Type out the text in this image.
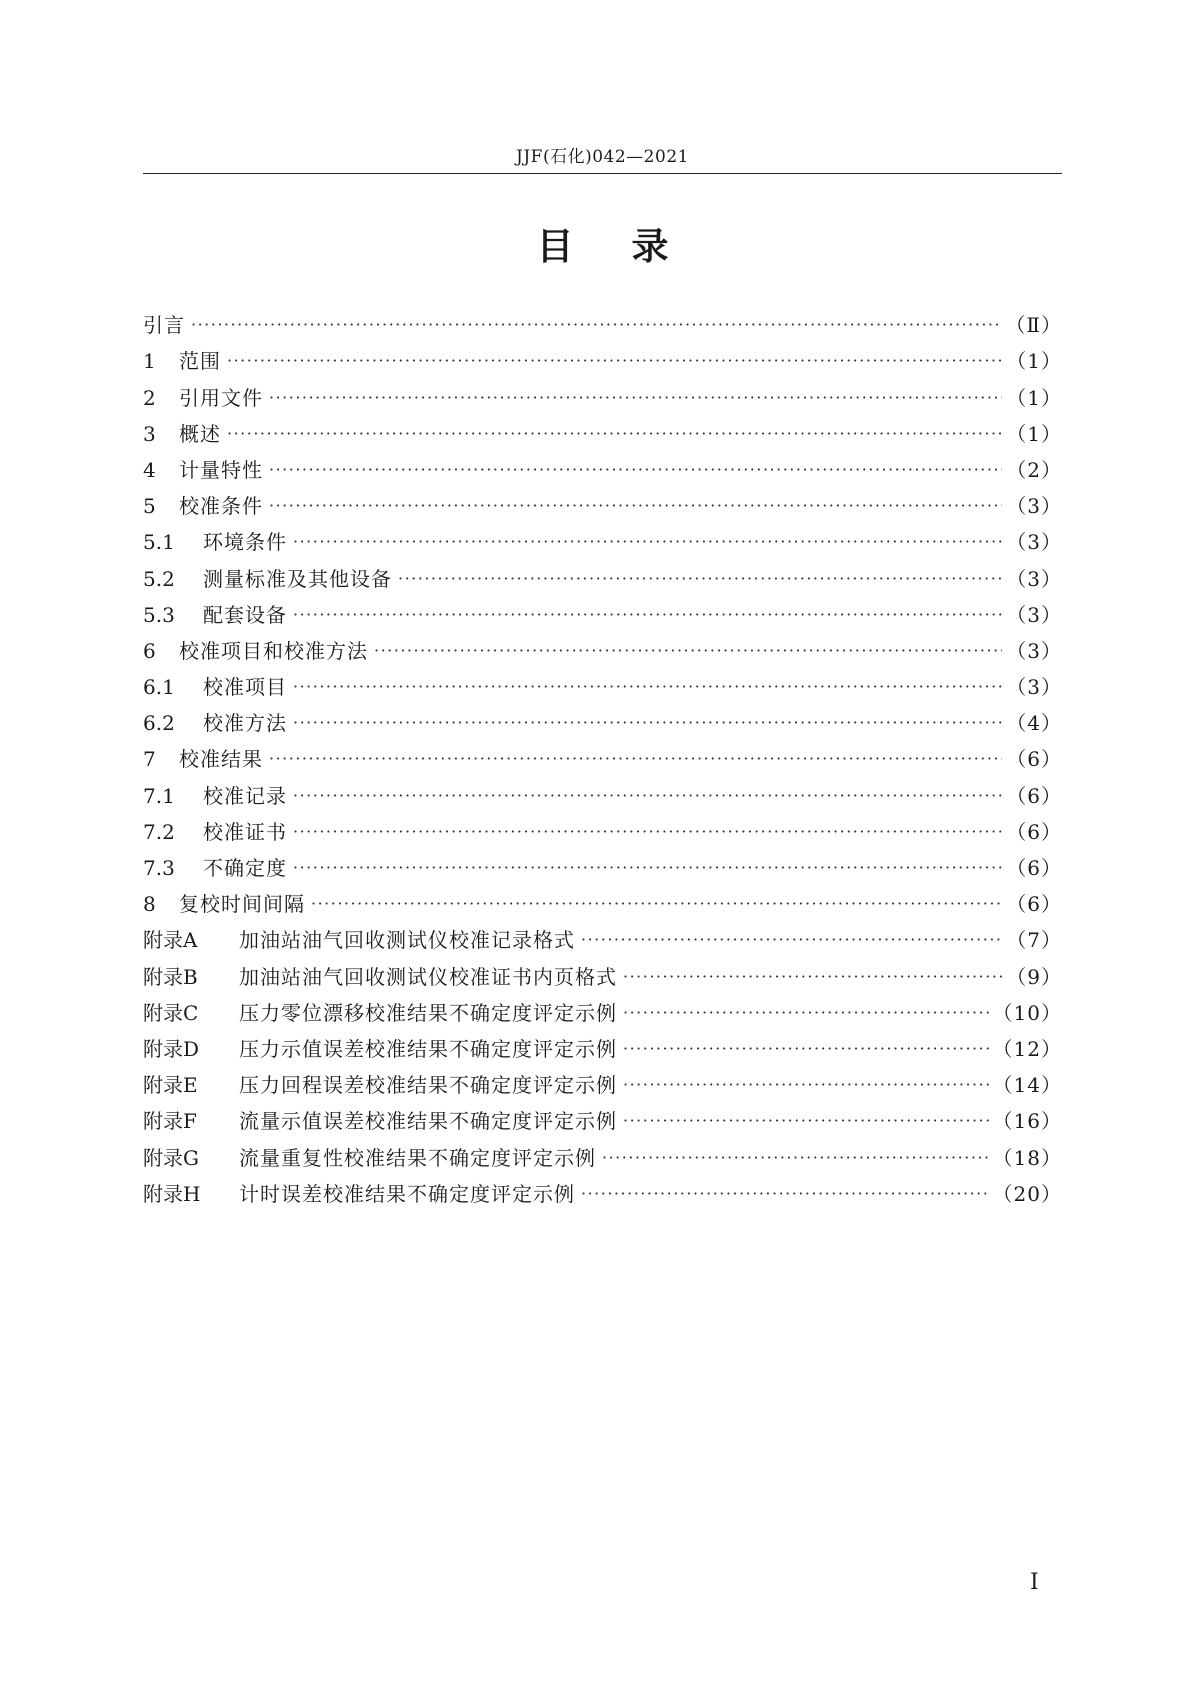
JJF(石化)042—2021
目录
引言 ·····	（Ⅱ）
1	范围 ·····	（1）
2	引用文件 ·····	（1）
3	概述 ·····	（1）
4	计量特性 ·····	（2）
5	校准条件 ·····	（3）
5.1	环境条件 ·····	（3）
5.2	测量标准及其他设备 ·····	（3）
5.3	配套设备 ·····	（3）
6	校准项目和校准方法 ·····	（3）
6.1	校准项目 ·····	（3）
6.2	校准方法 ·····	（4）
7	校准结果 ·····	（6）
7.1	校准记录 ·····	（6）
7.2	校准证书 ·····	（6）
7.3	不确定度 ·····	（6）
8	复校时间间隔 ·····	（6）
附录A	加油站油气回收测试仪校准记录格式 ·····	（7）
附录B	加油站油气回收测试仪校准证书内页格式 ·····	（9）
附录C	压力零位漂移校准结果不确定度评定示例 ·····	（10）
附录D	压力示值误差校准结果不确定度评定示例 ·····	（12）
附录E	压力回程误差校准结果不确定度评定示例 ·····	（14）
附录F	流量示值误差校准结果不确定度评定示例 ·····	（16）
附录G	流量重复性校准结果不确定度评定示例 ·····	（18）
附录H	计时误差校准结果不确定度评定示例 ·····	（20）
Ⅰ
